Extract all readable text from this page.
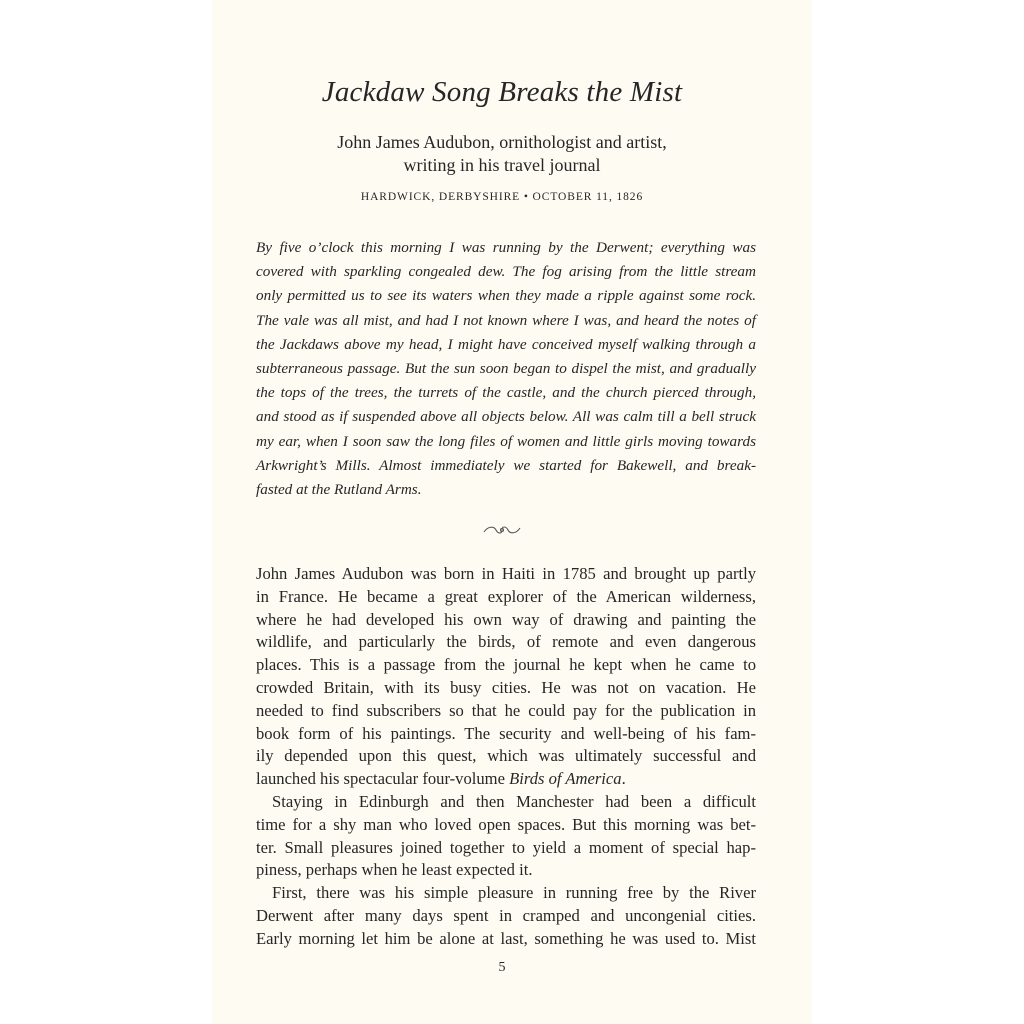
Jackdaw Song Breaks the Mist
John James Audubon, ornithologist and artist,
writing in his travel journal
HARDWICK, DERBYSHIRE • OCTOBER 11, 1826
By five o’clock this morning I was running by the Derwent; everything was
covered with sparkling congealed dew. The fog arising from the little stream
only permitted us to see its waters when they made a ripple against some rock.
The vale was all mist, and had I not known where I was, and heard the notes of
the Jackdaws above my head, I might have conceived myself walking through a
subterraneous passage. But the sun soon began to dispel the mist, and gradually
the tops of the trees, the turrets of the castle, and the church pierced through,
and stood as if suspended above all objects below. All was calm till a bell struck
my ear, when I soon saw the long files of women and little girls moving towards
Arkwright’s Mills. Almost immediately we started for Bakewell, and break-
fasted at the Rutland Arms.
John James Audubon was born in Haiti in 1785 and brought up partly
in France. He became a great explorer of the American wilderness,
where he had developed his own way of drawing and painting the
wildlife, and particularly the birds, of remote and even dangerous
places. This is a passage from the journal he kept when he came to
crowded Britain, with its busy cities. He was not on vacation. He
needed to find subscribers so that he could pay for the publication in
book form of his paintings. The security and well-being of his fam-
ily depended upon this quest, which was ultimately successful and
launched his spectacular four-volume Birds of America.
Staying in Edinburgh and then Manchester had been a difficult
time for a shy man who loved open spaces. But this morning was bet-
ter. Small pleasures joined together to yield a moment of special hap-
piness, perhaps when he least expected it.
First, there was his simple pleasure in running free by the River
Derwent after many days spent in cramped and uncongenial cities.
Early morning let him be alone at last, something he was used to. Mist
5
